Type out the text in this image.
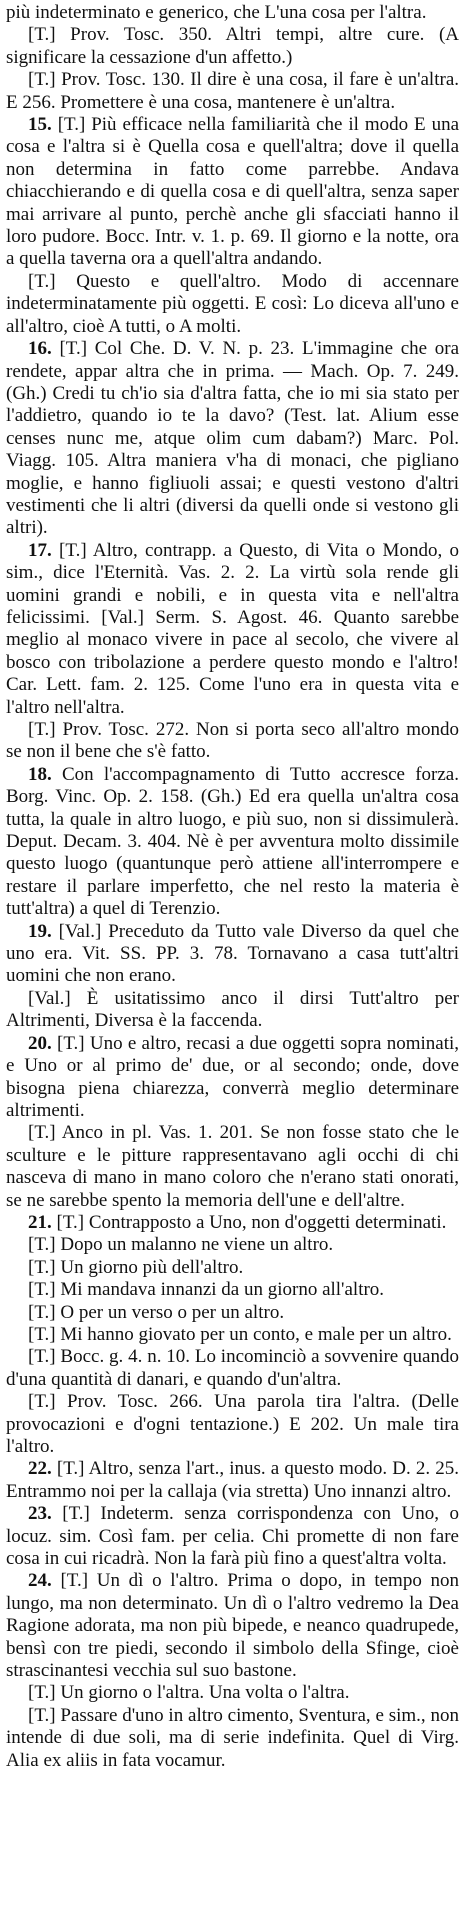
più indeterminato e generico, che L'una cosa per l'altra.

[T.] Prov. Tosc. 350. Altri tempi, altre cure. (A significare la cessazione d'un affetto.)

[T.] Prov. Tosc. 130. Il dire è una cosa, il fare è un'altra. E 256. Promettere è una cosa, mantenere è un'altra.

15. [T.] Più efficace nella familiarità che il modo E una cosa e l'altra si è Quella cosa e quell'altra; dove il quella non determina in fatto come parrebbe. Andava chiacchierando e di quella cosa e di quell'altra, senza saper mai arrivare al punto, perchè anche gli sfacciati hanno il loro pudore. Bocc. Intr. v. 1. p. 69. Il giorno e la notte, ora a quella taverna ora a quell'altra andando.

[T.] Questo e quell'altro. Modo di accennare indeterminatamente più oggetti. E così: Lo diceva all'uno e all'altro, cioè A tutti, o A molti.

16. [T.] Col Che. D. V. N. p. 23. L'immagine che ora rendete, appar altra che in prima. — Mach. Op. 7. 249. (Gh.) Credi tu ch'io sia d'altra fatta, che io mi sia stato per l'addietro, quando io te la davo? (Test. lat. Alium esse censes nunc me, atque olim cum dabam?) Marc. Pol. Viagg. 105. Altra maniera v'ha di monaci, che pigliano moglie, e hanno figliuoli assai; e questi vestono d'altri vestimenti che li altri (diversi da quelli onde si vestono gli altri).

17. [T.] Altro, contrapp. a Questo, di Vita o Mondo, o sim., dice l'Eternità. Vas. 2. 2. La virtù sola rende gli uomini grandi e nobili, e in questa vita e nell'altra felicissimi. [Val.] Serm. S. Agost. 46. Quanto sarebbe meglio al monaco vivere in pace al secolo, che vivere al bosco con tribolazione a perdere questo mondo e l'altro! Car. Lett. fam. 2. 125. Come l'uno era in questa vita e l'altro nell'altra.

[T.] Prov. Tosc. 272. Non si porta seco all'altro mondo se non il bene che s'è fatto.

18. Con l'accompagnamento di Tutto accresce forza. Borg. Vinc. Op. 2. 158. (Gh.) Ed era quella un'altra cosa tutta, la quale in altro luogo, e più suo, non si dissimulerà. Deput. Decam. 3. 404. Nè è per avventura molto dissimile questo luogo (quantunque però attiene all'interrompere e restare il parlare imperfetto, che nel resto la materia è tutt'altra) a quel di Terenzio.

19. [Val.] Preceduto da Tutto vale Diverso da quel che uno era. Vit. SS. PP. 3. 78. Tornavano a casa tutt'altri uomini che non erano.

[Val.] È usitatissimo anco il dirsi Tutt'altro per Altrimenti, Diversa è la faccenda.

20. [T.] Uno e altro, recasi a due oggetti sopra nominati, e Uno or al primo de' due, or al secondo; onde, dove bisogna piena chiarezza, converrà meglio determinare altrimenti.

[T.] Anco in pl. Vas. 1. 201. Se non fosse stato che le sculture e le pitture rappresentavano agli occhi di chi nasceva di mano in mano coloro che n'erano stati onorati, se ne sarebbe spento la memoria dell'une e dell'altre.

21. [T.] Contrapposto a Uno, non d'oggetti determinati.

[T.] Dopo un malanno ne viene un altro.

[T.] Un giorno più dell'altro.

[T.] Mi mandava innanzi da un giorno all'altro.

[T.] O per un verso o per un altro.

[T.] Mi hanno giovato per un conto, e male per un altro.

[T.] Bocc. g. 4. n. 10. Lo incominciò a sovvenire quando d'una quantità di danari, e quando d'un'altra.

[T.] Prov. Tosc. 266. Una parola tira l'altra. (Delle provocazioni e d'ogni tentazione.) E 202. Un male tira l'altro.

22. [T.] Altro, senza l'art., inus. a questo modo. D. 2. 25. Entrammo noi per la callaja (via stretta) Uno innanzi altro.

23. [T.] Indeterm. senza corrispondenza con Uno, o locuz. sim. Così fam. per celia. Chi promette di non fare cosa in cui ricadrà. Non la farà più fino a quest'altra volta.

24. [T.] Un dì o l'altro. Prima o dopo, in tempo non lungo, ma non determinato. Un dì o l'altro vedremo la Dea Ragione adorata, ma non più bipede, e neanco quadrupede, bensì con tre piedi, secondo il simbolo della Sfinge, cioè strascinantesi vecchia sul suo bastone.

[T.] Un giorno o l'altra. Una volta o l'altra.

[T.] Passare d'uno in altro cimento, Sventura, e sim., non intende di due soli, ma di serie indefinita. Quel di Virg. Alia ex aliis in fata vocamur.
